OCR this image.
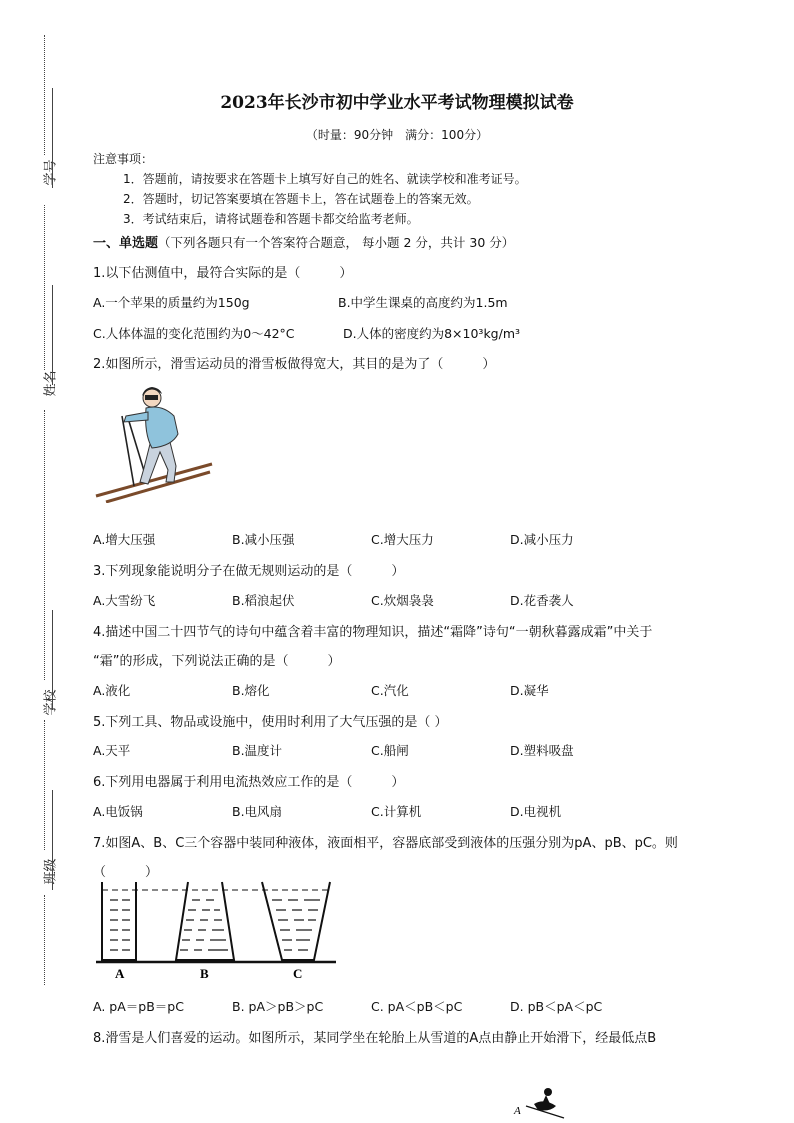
学号
姓名
学校
班级
2023年长沙市初中学业水平考试物理模拟试卷
（时量：90分钟　满分：100分）
注意事项：
1．答题前，请按要求在答题卡上填写好自己的姓名、就读学校和准考证号。
2．答题时，切记答案要填在答题卡上，答在试题卷上的答案无效。
3．考试结束后，请将试题卷和答题卡都交给监考老师。
一、单选题（下列各题只有一个答案符合题意， 每小题 2 分，共计 30 分）
1.以下估测值中，最符合实际的是（　　　）
A.一个苹果的质量约为150g	B.中学生课桌的高度约为1.5m
C.人体体温的变化范围约为0～42°C	D.人体的密度约为8×10³kg/m³
2.如图所示，滑雪运动员的滑雪板做得宽大，其目的是为了（　　　）
A.增大压强	B.减小压强	C.增大压力	D.减小压力
3.下列现象能说明分子在做无规则运动的是（　　　）
A.大雪纷飞	B.稻浪起伏	C.炊烟袅袅	D.花香袭人
4.描述中国二十四节气的诗句中蕴含着丰富的物理知识，描述“霜降”诗句“一朝秋暮露成霜”中关于
“霜”的形成，下列说法正确的是（　　　）
A.液化	B.熔化	C.汽化	D.凝华
5.下列工具、物品或设施中，使用时利用了大气压强的是（ ）
A.天平	B.温度计	C.船闸	D.塑料吸盘
6.下列用电器属于利用电流热效应工作的是（　　　）
A.电饭锅	B.电风扇	C.计算机	D.电视机
7.如图A、B、C三个容器中装同种液体，液面相平，容器底部受到液体的压强分别为pA、pB、pC。则
（　　　）
A	B	C
A. pA＝pB＝pC	B. pA＞pB＞pC	C. pA＜pB＜pC	D. pB＜pA＜pC
8.滑雪是人们喜爱的运动。如图所示，某同学坐在轮胎上从雪道的A点由静止开始滑下，经最低点B
A
